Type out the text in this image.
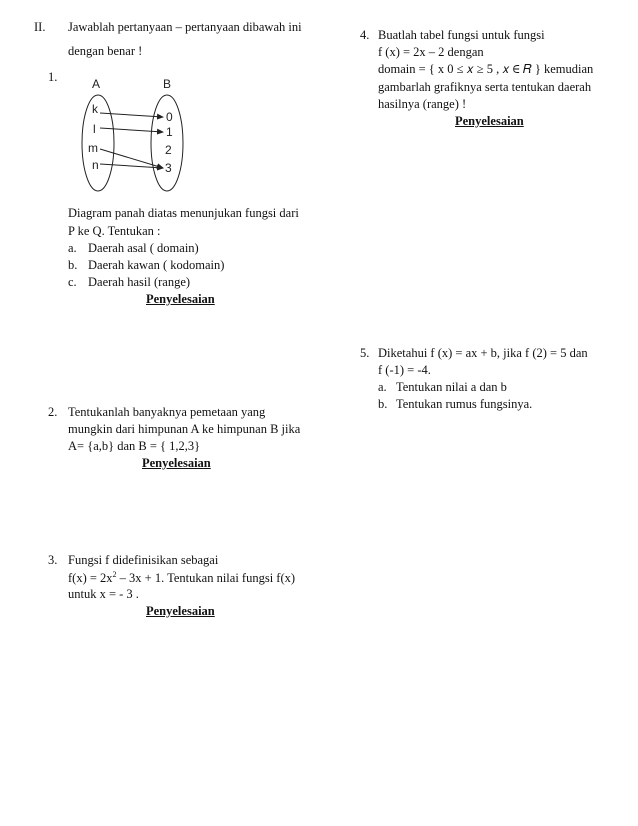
II. Jawablah pertanyaan – pertanyaan dibawah ini
dengan benar !
1.	A	B
k
l
m
n
0
1
2
3
Diagram panah diatas menunjukan fungsi dari
P ke Q. Tentukan :
a. Daerah asal ( domain)
b. Daerah kawan ( kodomain)
c. Daerah hasil (range)
Penyelesaian
2. Tentukanlah banyaknya pemetaan yang
mungkin dari himpunan A ke himpunan B jika
A= {a,b} dan B = { 1,2,3}
Penyelesaian
3. Fungsi f didefinisikan sebagai
$f(x) = 2x^2 - 3x + 1$. Tentukan nilai fungsi f(x)
untuk x = - 3 .
Penyelesaian
4. Buatlah tabel fungsi untuk fungsi
f (x) = 2x – 2 dengan
domain = { x 0 ≤ 𝑥 ≥ 5 , 𝑥 ∈ 𝑅 } kemudian
gambarlah grafiknya serta tentukan daerah
hasilnya (range) !
Penyelesaian
5. Diketahui f (x) = ax + b, jika f (2) = 5 dan
f (-1) = -4.
a. Tentukan nilai a dan b
b. Tentukan rumus fungsinya.
